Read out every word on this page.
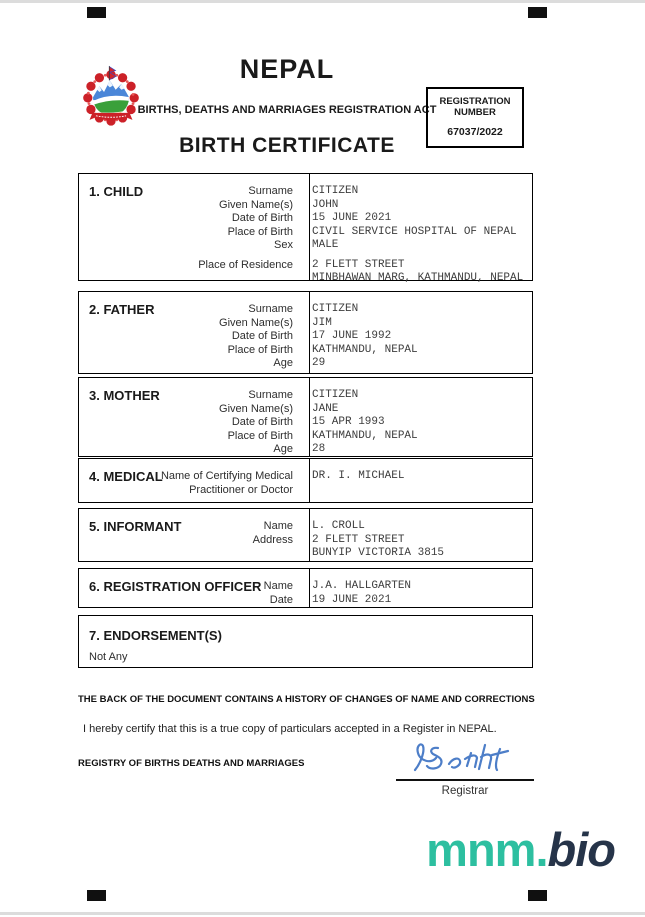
NEPAL
BIRTHS, DEATHS AND MARRIAGES REGISTRATION ACT
REGISTRATION
NUMBER
67037/2022
BIRTH CERTIFICATE
1. CHILD	Surname	CITIZEN
Given Name(s)	JOHN
Date of Birth	15 JUNE 2021
Place of Birth	CIVIL SERVICE HOSPITAL OF NEPAL
Sex	MALE
Place of Residence	2 FLETT STREET
MINBHAWAN MARG, KATHMANDU, NEPAL
2. FATHER	Surname	CITIZEN
Given Name(s)	JIM
Date of Birth	17 JUNE 1992
Place of Birth	KATHMANDU, NEPAL
Age	29
3. MOTHER	Surname	CITIZEN
Given Name(s)	JANE
Date of Birth	15 APR 1993
Place of Birth	KATHMANDU, NEPAL
Age	28
4. MEDICAL
Name of Certifying Medical	DR. I. MICHAEL
Practitioner or Doctor
5. INFORMANT	Name	L. CROLL
Address	2 FLETT STREET
BUNYIP VICTORIA 3815
6. REGISTRATION OFFICER Name	J.A. HALLGARTEN
Date	19 JUNE 2021
7. ENDORSEMENT(S)
Not Any
THE BACK OF THE DOCUMENT CONTAINS A HISTORY OF CHANGES OF NAME AND CORRECTIONS
I hereby certify that this is a true copy of particulars accepted in a Register in NEPAL.
REGISTRY OF BIRTHS DEATHS AND MARRIAGES
Registrar
mnm.bio
